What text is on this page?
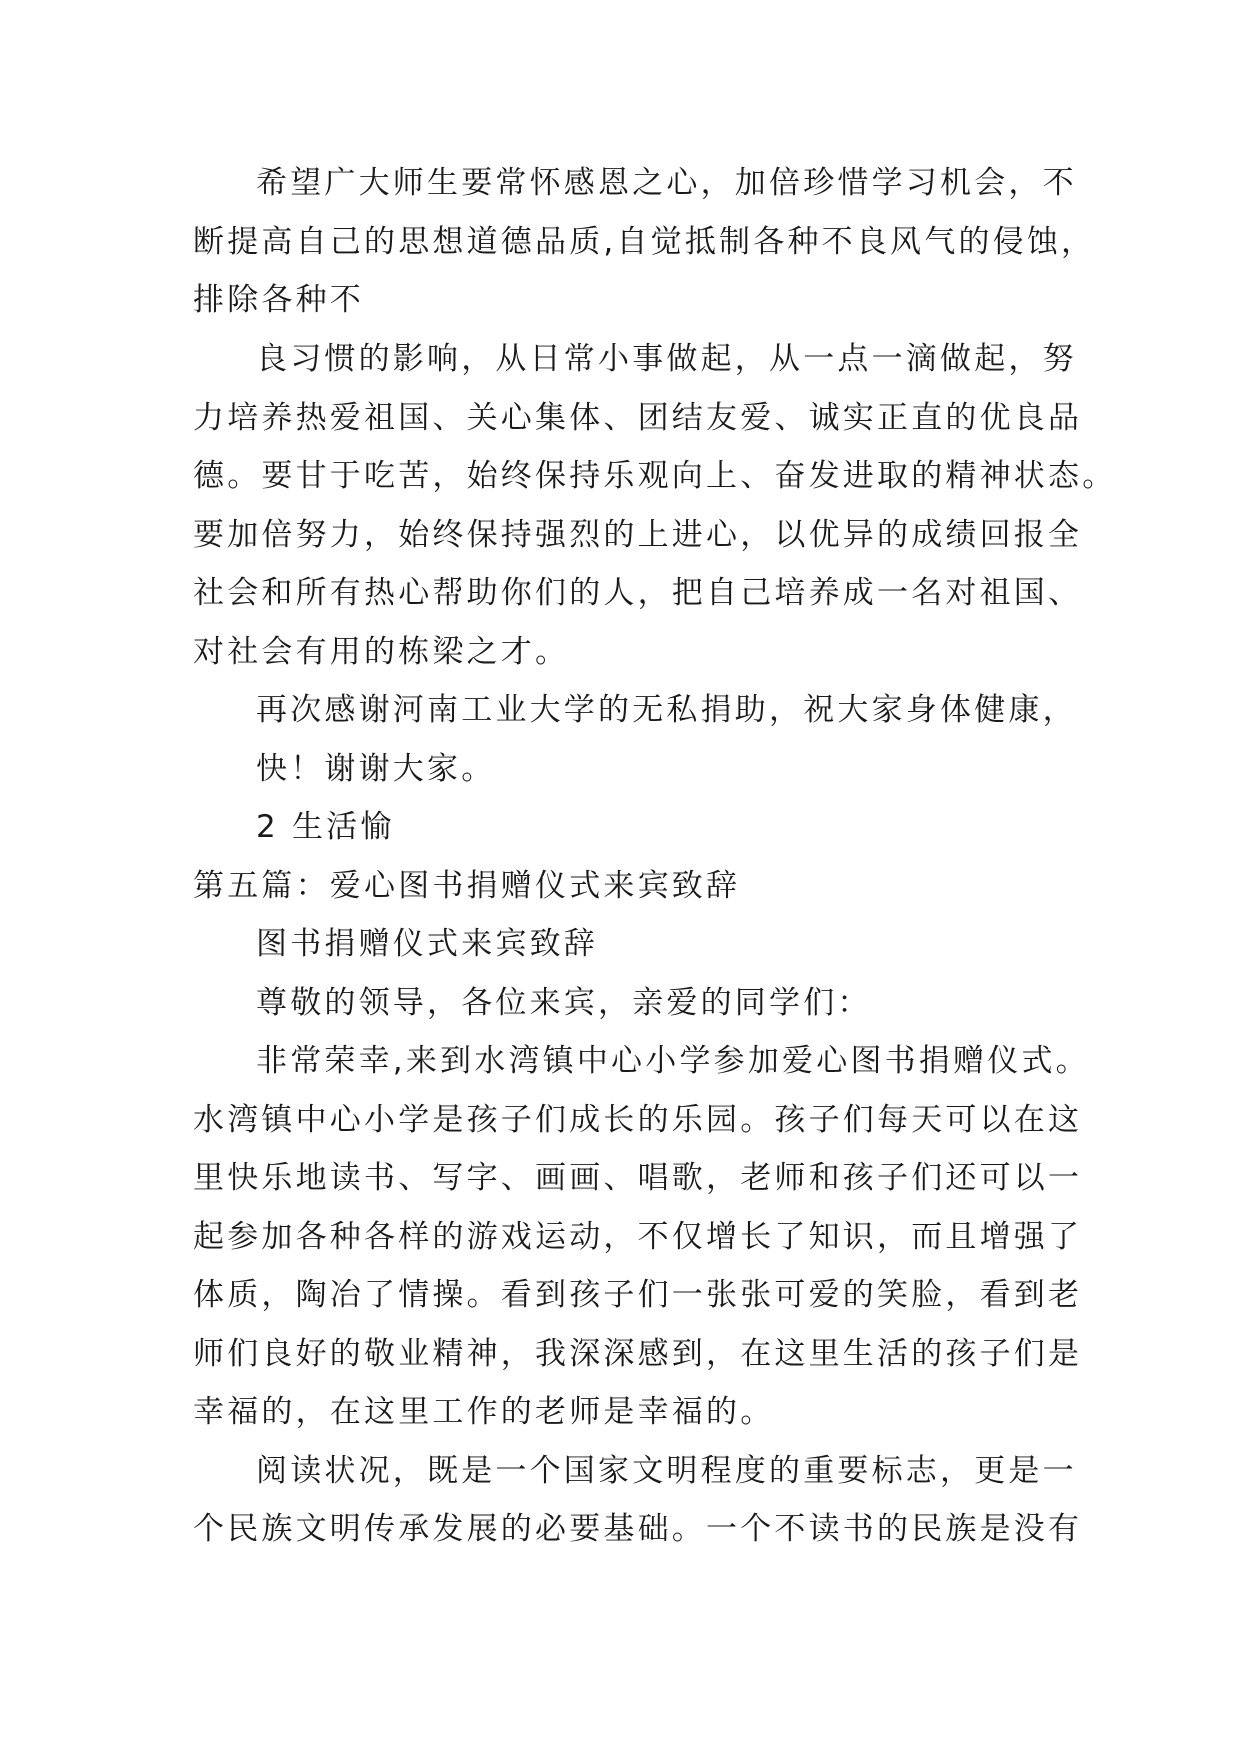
希望广大师生要常怀感恩之心，加倍珍惜学习机会，不
断提高自己的思想道德品质,自觉抵制各种不良风气的侵蚀，
排除各种不
良习惯的影响，从日常小事做起，从一点一滴做起，努
力培养热爱祖国、关心集体、团结友爱、诚实正直的优良品
德。要甘于吃苦，始终保持乐观向上、奋发进取的精神状态。
要加倍努力，始终保持强烈的上进心，以优异的成绩回报全
社会和所有热心帮助你们的人，把自己培养成一名对祖国、
对社会有用的栋梁之才。
再次感谢河南工业大学的无私捐助，祝大家身体健康，
快！谢谢大家。
2 生活愉
第五篇：爱心图书捐赠仪式来宾致辞
图书捐赠仪式来宾致辞
尊敬的领导，各位来宾，亲爱的同学们：
非常荣幸,来到水湾镇中心小学参加爱心图书捐赠仪式。
水湾镇中心小学是孩子们成长的乐园。孩子们每天可以在这
里快乐地读书、写字、画画、唱歌，老师和孩子们还可以一
起参加各种各样的游戏运动，不仅增长了知识，而且增强了
体质，陶冶了情操。看到孩子们一张张可爱的笑脸，看到老
师们良好的敬业精神，我深深感到，在这里生活的孩子们是
幸福的，在这里工作的老师是幸福的。
阅读状况，既是一个国家文明程度的重要标志，更是一
个民族文明传承发展的必要基础。一个不读书的民族是没有
